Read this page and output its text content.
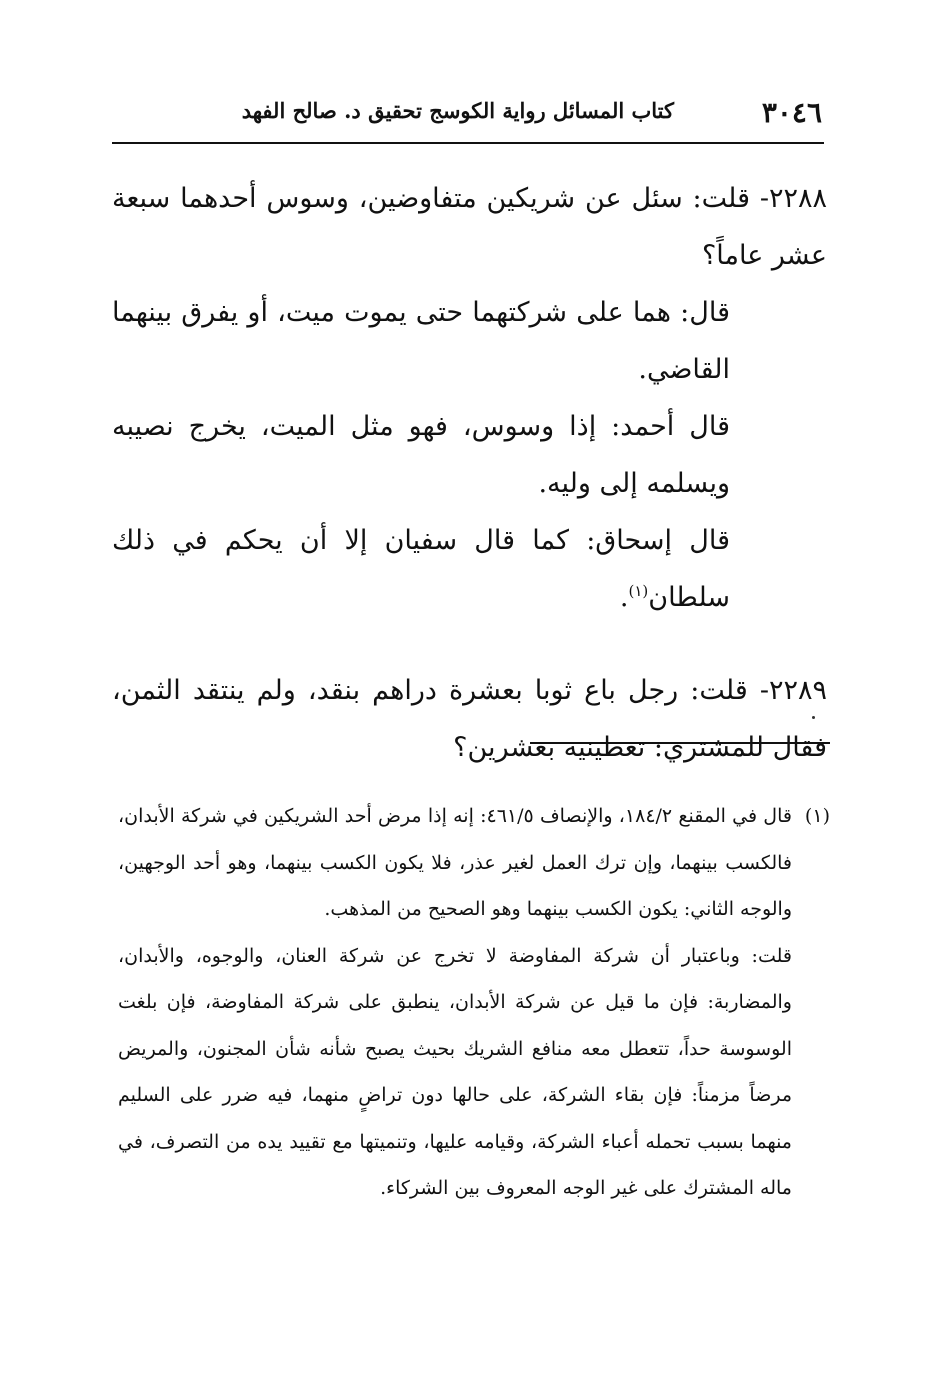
٣٠٤٦
كتاب المسائل رواية الكوسج تحقيق د. صالح الفهد

٢٢٨٨- قلت: سئل عن شريكين متفاوضين، وسوس أحدهما سبعة عشر عاماً؟

قال: هما على شركتهما حتى يموت ميت، أو يفرق بينهما القاضي.

قال أحمد: إذا وسوس، فهو مثل الميت، يخرج نصيبه ويسلمه إلى وليه.

قال إسحاق: كما قال سفيان إلا أن يحكم في ذلك سلطان$^{(١)}$.

٢٢٨٩- قلت: رجل باع ثوبا بعشرة دراهم بنقد، ولم ينتقد الثمن، فقال للمشتري: تعطينيه بعشرين؟

(١)قال في المقنع ١٨٤/٢، والإنصاف ٤٦١/٥: إنه إذا مرض أحد الشريكين في شركة الأبدان، فالكسب بينهما، وإن ترك العمل لغير عذر، فلا يكون الكسب بينهما، وهو أحد الوجهين، والوجه الثاني: يكون الكسب بينهما وهو الصحيح من المذهب.

قلت: وباعتبار أن شركة المفاوضة لا تخرج عن شركة العنان، والوجوه، والأبدان، والمضاربة: فإن ما قيل عن شركة الأبدان، ينطبق على شركة المفاوضة، فإن بلغت الوسوسة حداً، تتعطل معه منافع الشريك بحيث يصبح شأنه شأن المجنون، والمريض مرضاً مزمناً: فإن بقاء الشركة، على حالها دون تراضٍ منهما، فيه ضرر على السليم منهما بسبب تحمله أعباء الشركة، وقيامه عليها، وتنميتها مع تقييد يده من التصرف، في ماله المشترك على غير الوجه المعروف بين الشركاء.
